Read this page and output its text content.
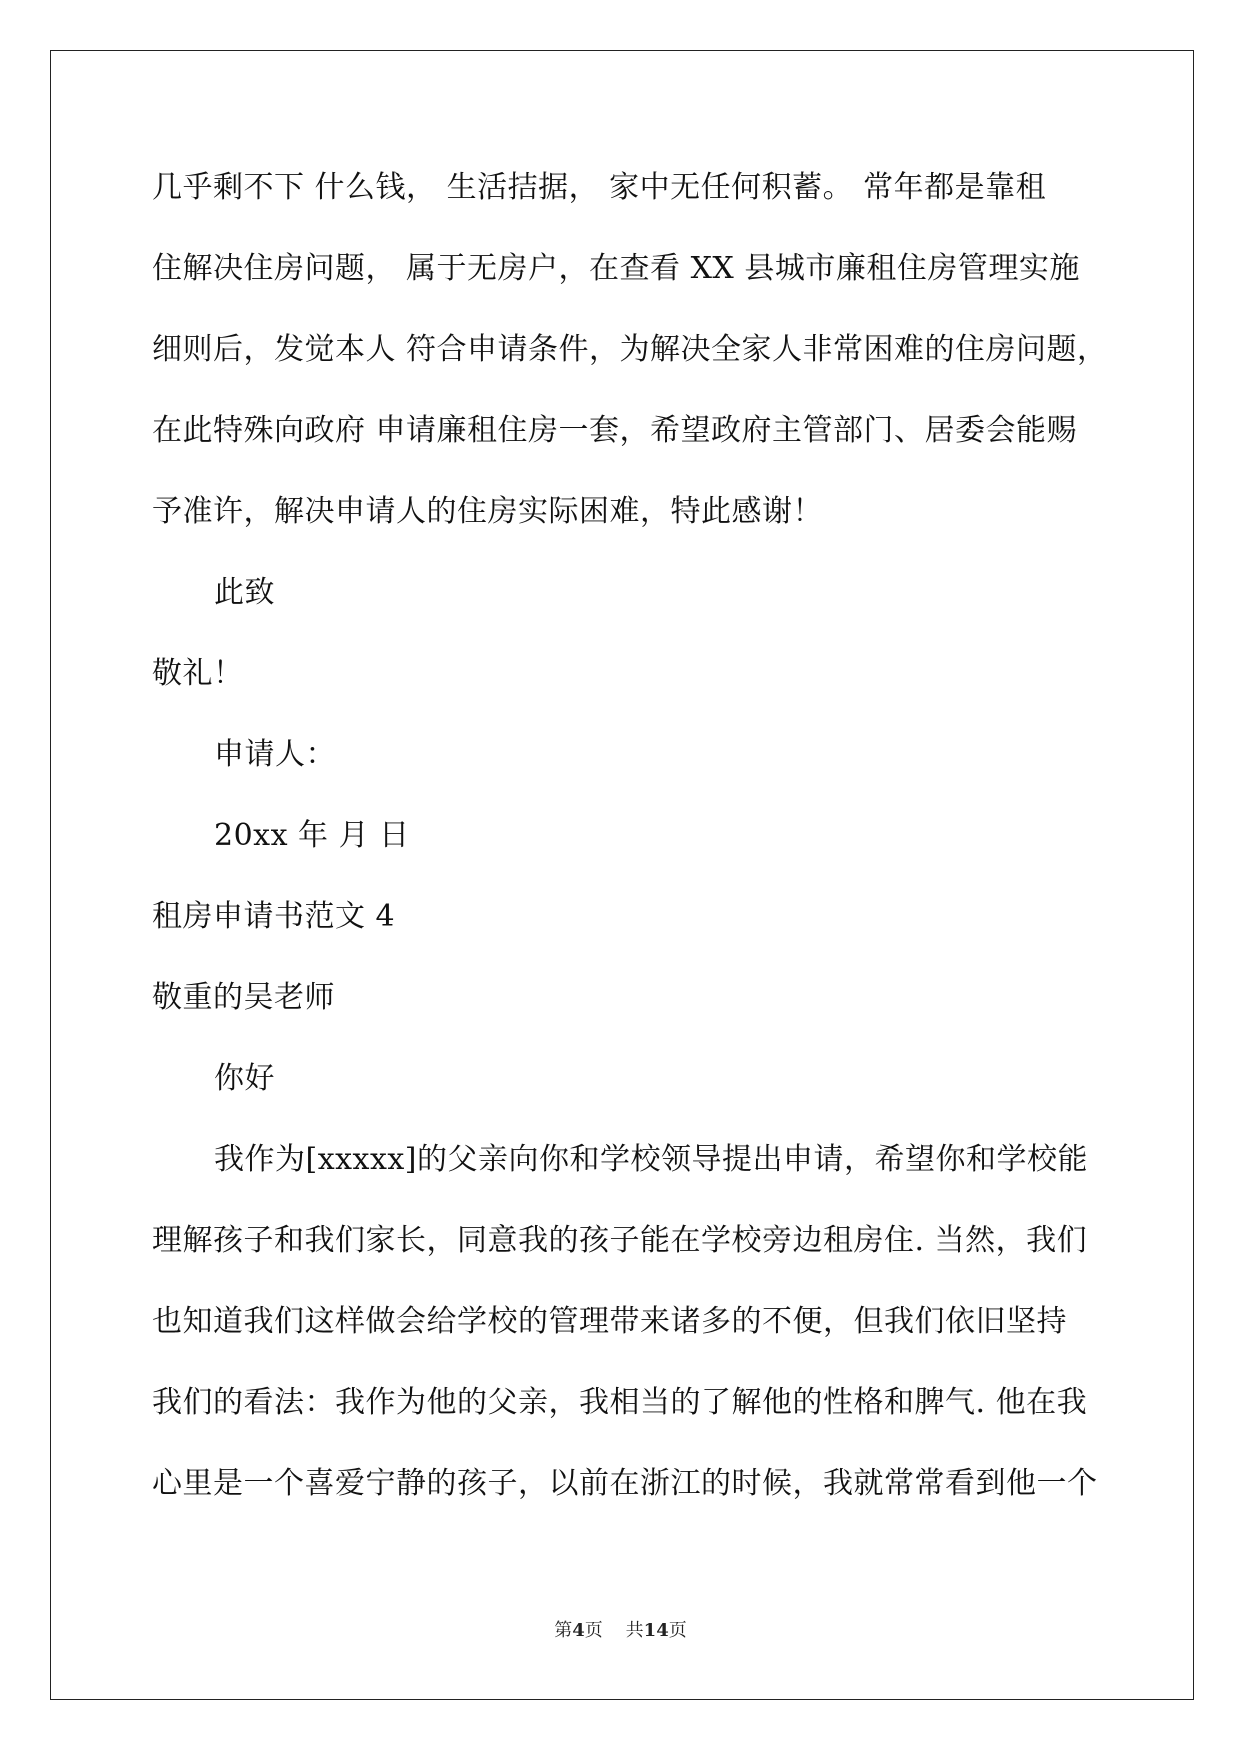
几乎剩不下 什么钱， 生活拮据， 家中无任何积蓄。 常年都是靠租
住解决住房问题， 属于无房户，在查看 XX 县城市廉租住房管理实施
细则后，发觉本人 符合申请条件，为解决全家人非常困难的住房问题，
在此特殊向政府 申请廉租住房一套，希望政府主管部门、居委会能赐
予准许，解决申请人的住房实际困难，特此感谢！
此致
敬礼！
申请人：
20xx 年 月 日
租房申请书范文 4
敬重的吴老师
你好
我作为[xxxxx]的父亲向你和学校领导提出申请，希望你和学校能
理解孩子和我们家长，同意我的孩子能在学校旁边租房住. 当然，我们
也知道我们这样做会给学校的管理带来诸多的不便，但我们依旧坚持
我们的看法：我作为他的父亲，我相当的了解他的性格和脾气. 他在我
心里是一个喜爱宁静的孩子，以前在浙江的时候，我就常常看到他一个
第4页 共14页
